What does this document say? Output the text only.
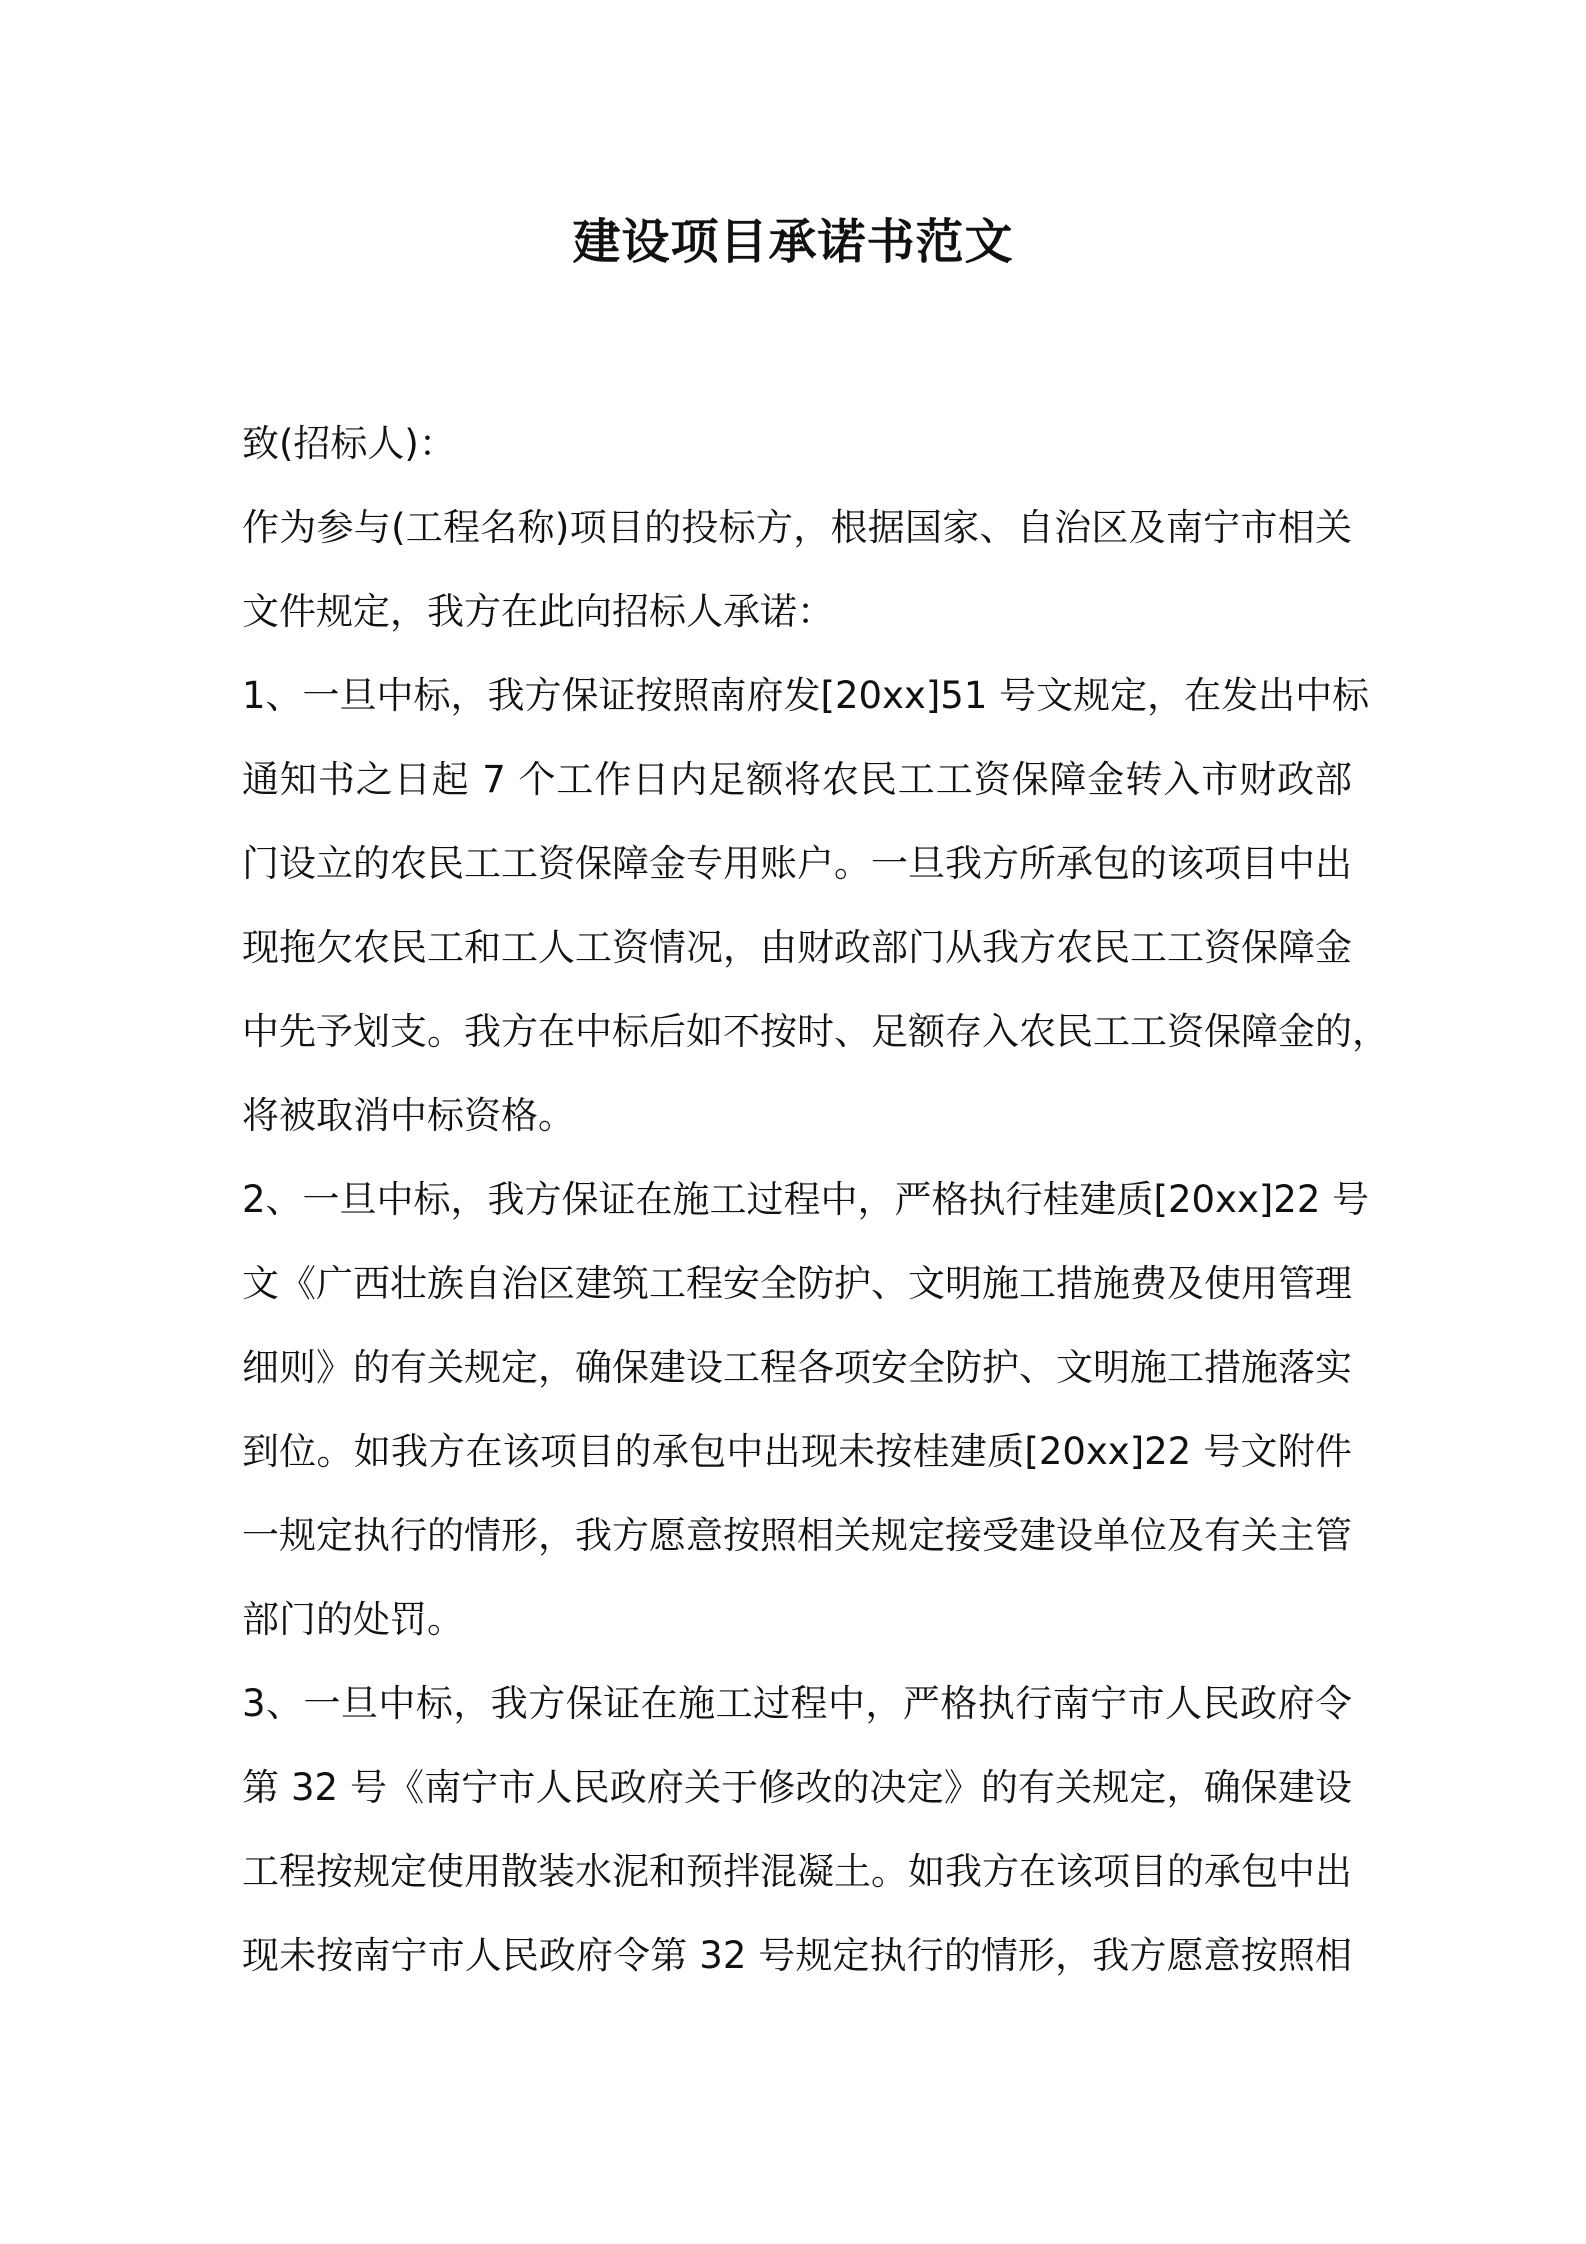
建设项目承诺书范文
致(招标人)：
作为参与(工程名称)项目的投标方，根据国家、自治区及南宁市相关
文件规定，我方在此向招标人承诺：
1、一旦中标，我方保证按照南府发[20xx]51 号文规定，在发出中标
通知书之日起 7 个工作日内足额将农民工工资保障金转入市财政部
门设立的农民工工资保障金专用账户。一旦我方所承包的该项目中出
现拖欠农民工和工人工资情况，由财政部门从我方农民工工资保障金
中先予划支。我方在中标后如不按时、足额存入农民工工资保障金的，
将被取消中标资格。
2、一旦中标，我方保证在施工过程中，严格执行桂建质[20xx]22 号
文《广西壮族自治区建筑工程安全防护、文明施工措施费及使用管理
细则》的有关规定，确保建设工程各项安全防护、文明施工措施落实
到位。如我方在该项目的承包中出现未按桂建质[20xx]22 号文附件
一规定执行的情形，我方愿意按照相关规定接受建设单位及有关主管
部门的处罚。
3、一旦中标，我方保证在施工过程中，严格执行南宁市人民政府令
第 32 号《南宁市人民政府关于修改的决定》的有关规定，确保建设
工程按规定使用散装水泥和预拌混凝土。如我方在该项目的承包中出
现未按南宁市人民政府令第 32 号规定执行的情形，我方愿意按照相
